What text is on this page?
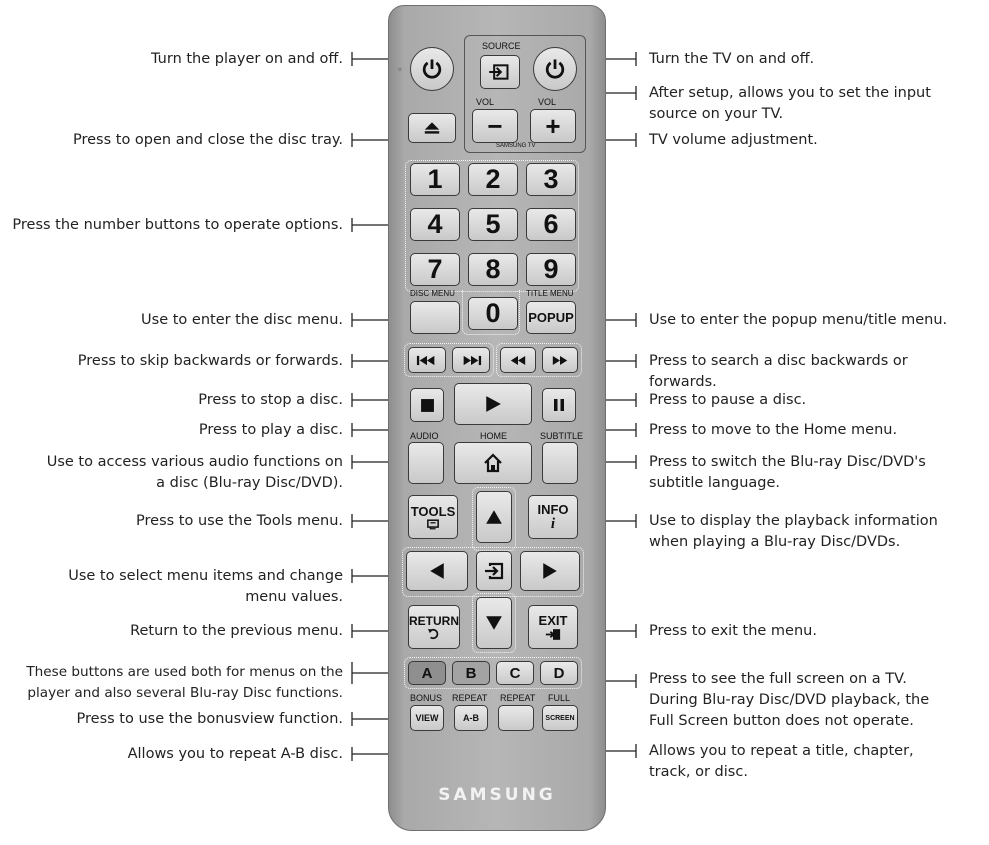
Turn the player on and off.
Press to open and close the disc tray.
Press the number buttons to operate options.
Use to enter the disc menu.
Press to skip backwards or forwards.
Press to stop a disc.
Press to play a disc.
Use to access various audio functions on
a disc (Blu-ray Disc/DVD).
Press to use the Tools menu.
Use to select menu items and change
menu values.
Return to the previous menu.
These buttons are used both for menus on the
player and also several Blu-ray Disc functions.
Press to use the bonusview function.
Allows you to repeat A-B disc.
Turn the TV on and off.
After setup, allows you to set the input
source on your TV.
TV volume adjustment.
Use to enter the popup menu/title menu.
Press to search a disc backwards or
forwards.
Press to pause a disc.
Press to move to the Home menu.
Press to switch the Blu-ray Disc/DVD's
subtitle language.
Use to display the playback information
when playing a Blu-ray Disc/DVDs.
Press to exit the menu.
Press to see the full screen on a TV.
During Blu-ray Disc/DVD playback, the
Full Screen button does not operate.
Allows you to repeat a title, chapter,
track, or disc.
SOURCE
VOL	VOL
SAMSUNG TV
○
−	+
1	2	3
4	5	6
7	8	9
0
DISC MENU	TITLE MENU
POPUP
AUDIO	HOME	SUBTITLE
TOOLS	INFO
i
RETURN	EXIT
A	B	C	D
BONUS REPEAT REPEAT FULL
VIEW	A-B	SCREEN
SAMSUNG
